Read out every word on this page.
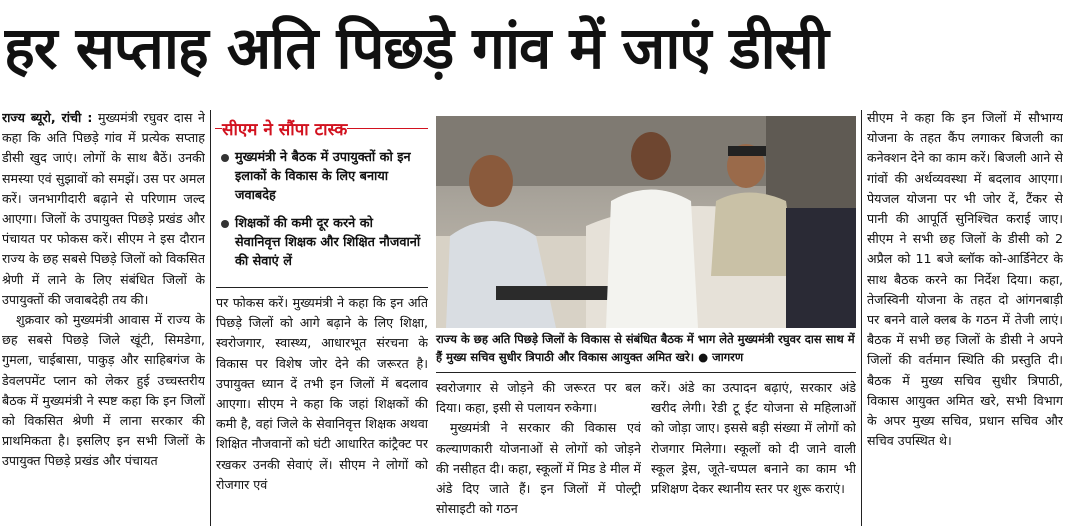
हर सप्ताह अति पिछड़े गांव में जाएं डीसी

राज्य ब्यूरो, रांची : मुख्यमंत्री रघुवर दास ने कहा कि अति पिछड़े गांव में प्रत्येक सप्ताह डीसी खुद जाएं। लोगों के साथ बैठें। उनकी समस्या एवं सुझावों को समझें। उस पर अमल करें। जनभागीदारी बढ़ाने से परिणाम जल्द आएगा। जिलों के उपायुक्त पिछड़े प्रखंड और पंचायत पर फोकस करें। सीएम ने इस दौरान राज्य के छह सबसे पिछड़े जिलों को विकसित श्रेणी में लाने के लिए संबंधित जिलों के उपायुक्तों की जवाबदेही तय की।

शुक्रवार को मुख्यमंत्री आवास में राज्य के छह सबसे पिछड़े जिले खूंटी, सिमडेगा, गुमला, चाईबासा, पाकुड़ और साहिबगंज के डेवलपमेंट प्लान को लेकर हुई उच्चस्तरीय बैठक में मुख्यमंत्री ने स्पष्ट कहा कि इन जिलों को विकसित श्रेणी में लाना सरकार की प्राथमिकता है। इसलिए इन सभी जिलों के उपायुक्त पिछड़े प्रखंड और पंचायत

सीएम ने सौंपा टास्क
मुख्यमंत्री ने बैठक में उपायुक्तों को इन इलाकों के विकास के लिए बनाया जवाबदेह
शिक्षकों की कमी दूर करने को सेवानिवृत्त शिक्षक और शिक्षित नौजवानों की सेवाएं लें

पर फोकस करें। मुख्यमंत्री ने कहा कि इन अति पिछड़े जिलों को आगे बढ़ाने के लिए शिक्षा, स्वरोजगार, स्वास्थ्य, आधारभूत संरचना के विकास पर विशेष जोर देने की जरूरत है। उपायुक्त ध्यान दें तभी इन जिलों में बदलाव आएगा। सीएम ने कहा कि जहां शिक्षकों की कमी है, वहां जिले के सेवानिवृत्त शिक्षक अथवा शिक्षित नौजवानों को घंटी आधारित कांट्रैक्ट पर रखकर उनकी सेवाएं लें। सीएम ने लोगों को रोजगार एवं

राज्य के छह अति पिछड़े जिलों के विकास से संबंधित बैठक में भाग लेते मुख्यमंत्री रघुवर दास साथ में हैं मुख्य सचिव सुधीर त्रिपाठी और विकास आयुक्त अमित खरे। ● जागरण

स्वरोजगार से जोड़ने की जरूरत पर बल दिया। कहा, इसी से पलायन रुकेगा।

मुख्यमंत्री ने सरकार की विकास एवं कल्याणकारी योजनाओं से लोगों को जोड़ने की नसीहत दी। कहा, स्कूलों में मिड डे मील में अंडे दिए जाते हैं। इन जिलों में पोल्ट्री सोसाइटी को गठन

करें। अंडे का उत्पादन बढ़ाएं, सरकार अंडे खरीद लेगी। रेडी टू ईट योजना से महिलाओं को जोड़ा जाए। इससे बड़ी संख्या में लोगों को रोजगार मिलेगा। स्कूलों को दी जाने वाली स्कूल ड्रेस, जूते-चप्पल बनाने का काम भी प्रशिक्षण देकर स्थानीय स्तर पर शुरू कराएं।

सीएम ने कहा कि इन जिलों में सौभाग्य योजना के तहत कैंप लगाकर बिजली का कनेक्शन देने का काम करें। बिजली आने से गांवों की अर्थव्यवस्था में बदलाव आएगा। पेयजल योजना पर भी जोर दें, टैंकर से पानी की आपूर्ति सुनिश्चित कराई जाए। सीएम ने सभी छह जिलों के डीसी को 2 अप्रैल को 11 बजे ब्लॉक को-आर्डिनेटर के साथ बैठक करने का निर्देश दिया। कहा, तेजस्विनी योजना के तहत दो आंगनबाड़ी पर बनने वाले क्लब के गठन में तेजी लाएं। बैठक में सभी छह जिलों के डीसी ने अपने जिलों की वर्तमान स्थिति की प्रस्तुति दी। बैठक में मुख्य सचिव सुधीर त्रिपाठी, विकास आयुक्त अमित खरे, सभी विभाग के अपर मुख्य सचिव, प्रधान सचिव और सचिव उपस्थित थे।
